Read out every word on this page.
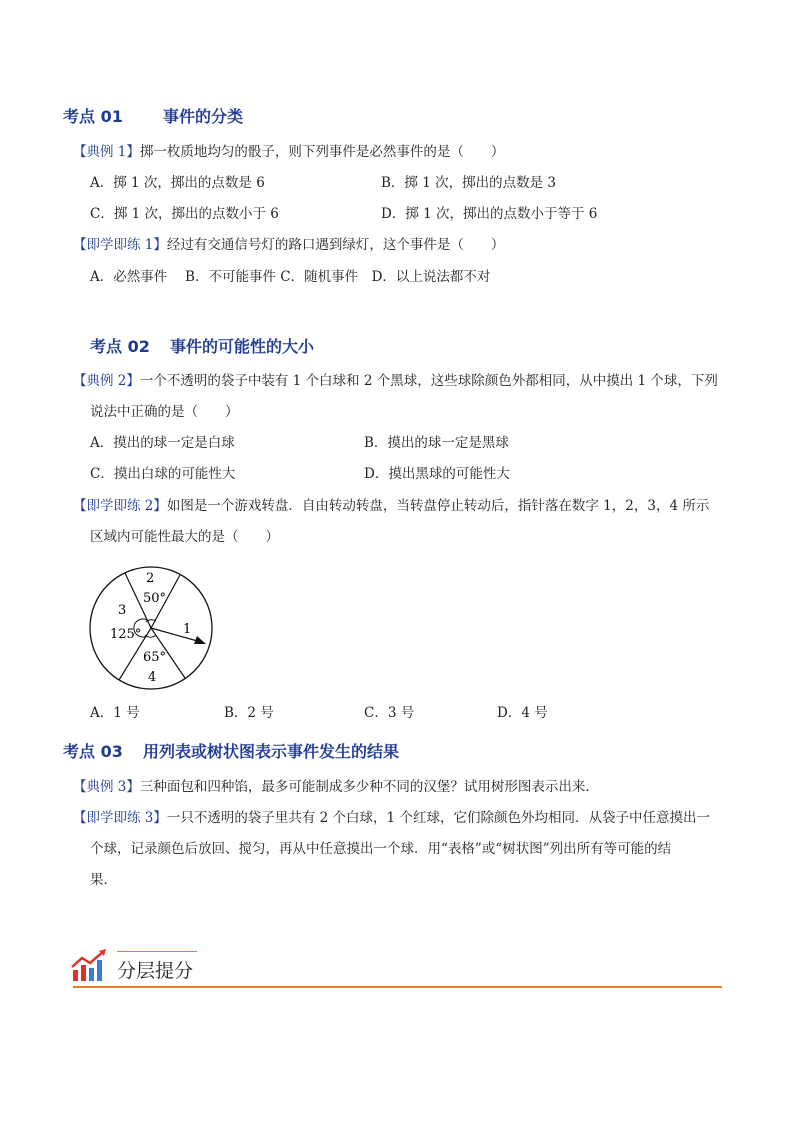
考点 01	事件的分类
【典例 1】掷一枚质地均匀的骰子，则下列事件是必然事件的是（　　）
A．掷 1 次，掷出的点数是 6	B．掷 1 次，掷出的点数是 3
C．掷 1 次，掷出的点数小于 6	D．掷 1 次，掷出的点数小于等于 6
【即学即练 1】经过有交通信号灯的路口遇到绿灯，这个事件是（　　）
A．必然事件　 B．不可能事件 C．随机事件　D．以上说法都不对
考点 02 事件的可能性的大小
【典例 2】一个不透明的袋子中装有 1 个白球和 2 个黑球，这些球除颜色外都相同，从中摸出 1 个球，下列
说法中正确的是（　　）
A．摸出的球一定是白球	B．摸出的球一定是黑球
C．摸出白球的可能性大	D．摸出黑球的可能性大
【即学即练 2】如图是一个游戏转盘．自由转动转盘，当转盘停止转动后，指针落在数字 1，2，3，4 所示
区域内可能性最大的是（　　）
2
50°
3
125°	1
65°
4
A．1 号	B．2 号	C．3 号	D．4 号
考点 03 用列表或树状图表示事件发生的结果
【典例 3】三种面包和四种馅，最多可能制成多少种不同的汉堡？试用树形图表示出来．
【即学即练 3】一只不透明的袋子里共有 2 个白球，1 个红球，它们除颜色外均相同．从袋子中任意摸出一
个球，记录颜色后放回、搅匀，再从中任意摸出一个球．用“表格”或“树状图”列出所有等可能的结
果．
分层提分
